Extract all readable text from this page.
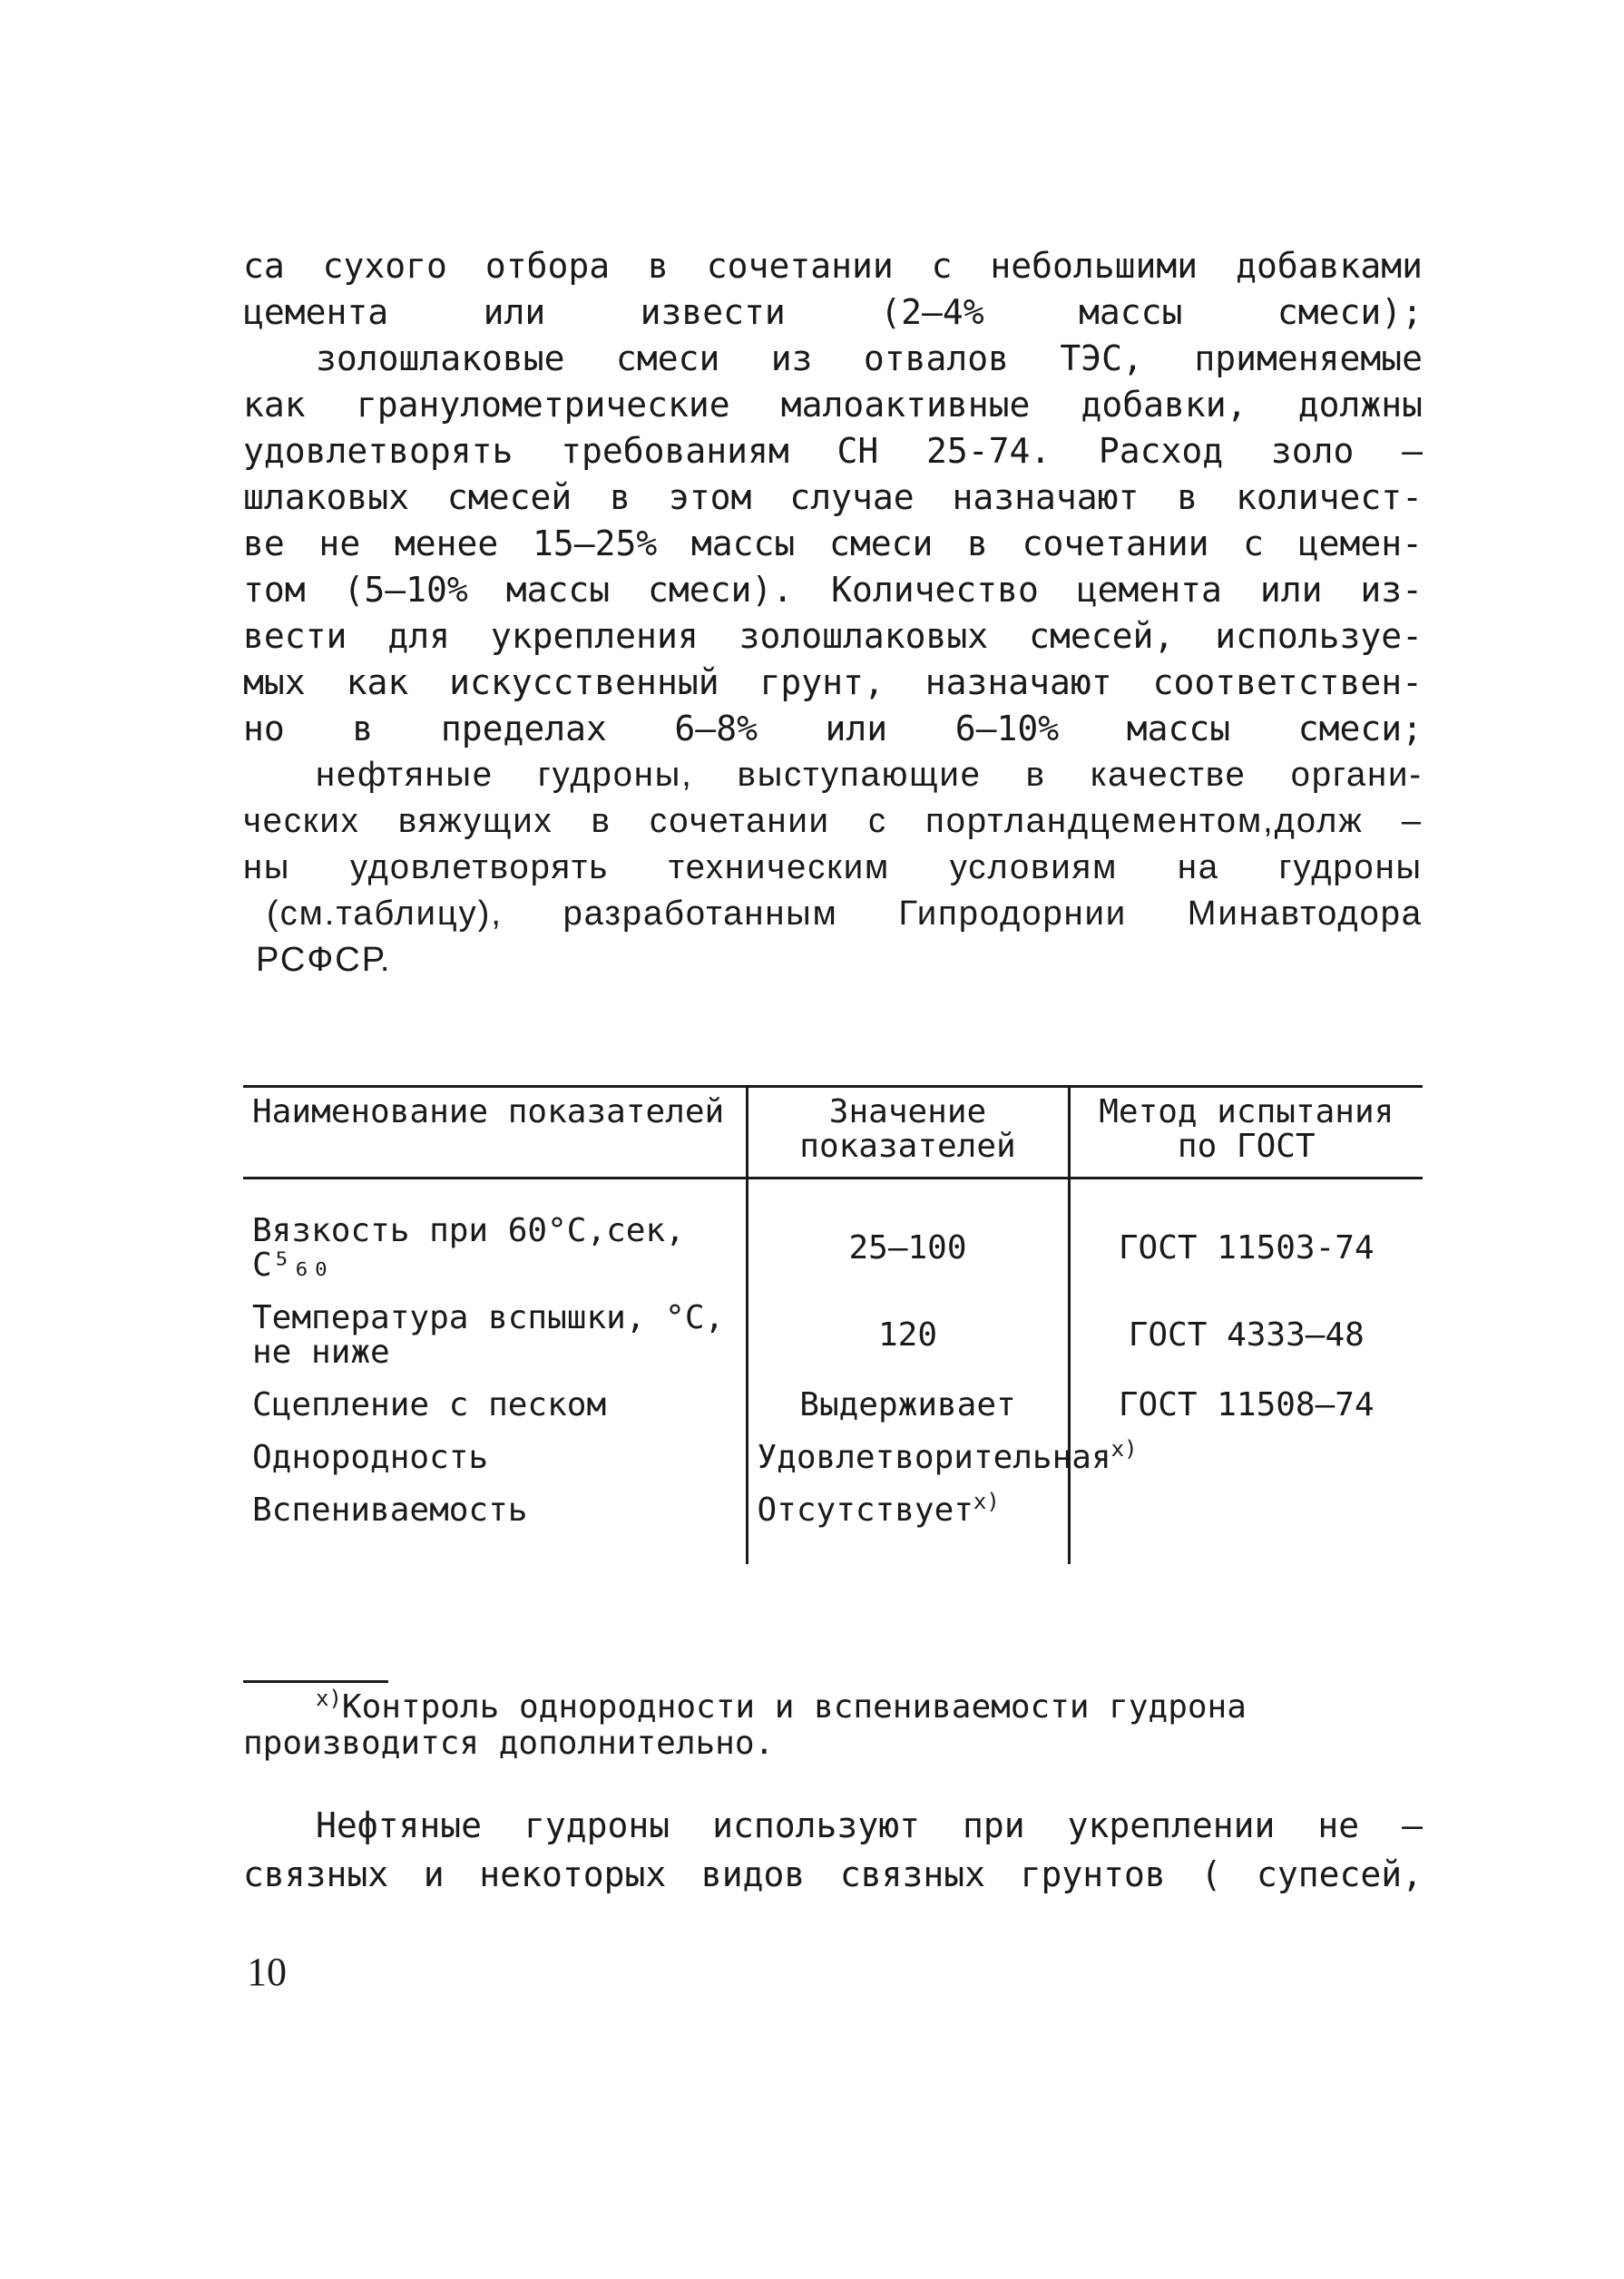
са сухого отбора в сочетании с небольшими добавками
цемента или извести (2–4% массы смеси);

золошлаковые смеси из отвалов ТЭС, применяемые
как гранулометрические малоактивные добавки, должны
удовлетворять требованиям СН 25-74. Расход золо –
шлаковых смесей в этом случае назначают в количест-
ве не менее 15–25% массы смеси в сочетании с цемен-
том (5–10% массы смеси). Количество цемента или из-
вести для укрепления золошлаковых смесей, используе-
мых как искусственный грунт, назначают соответствен-
но в пределах 6–8% или 6–10% массы смеси;

нефтяные гудроны, выступающие в качестве органи-
ческих вяжущих в сочетании с портландцементом,долж –
ны удовлетворять техническим условиям на гудроны
(см.таблицу), разработанным Гипродорнии Минавтодора
РСФСР.

Наименование показателей	Значение показателей	Метод испытания по ГОСТ
Вязкость при 60°С,сек, С⁵₆₀	25–100	ГОСТ 11503-74
Температура вспышки, °С, не ниже	120	ГОСТ 4333–48
Сцепление с песком	Выдерживает	ГОСТ 11508–74
Однородность	Удовлетворительная$^{x)}$	
Вспениваемость	Отсутствует$^{x)}$	
$^{x)}$Контроль однородности и вспениваемости гудрона производится дополнительно.

Нефтяные гудроны используют при укреплении не –
связных и некоторых видов связных грунтов ( супесей,

10
